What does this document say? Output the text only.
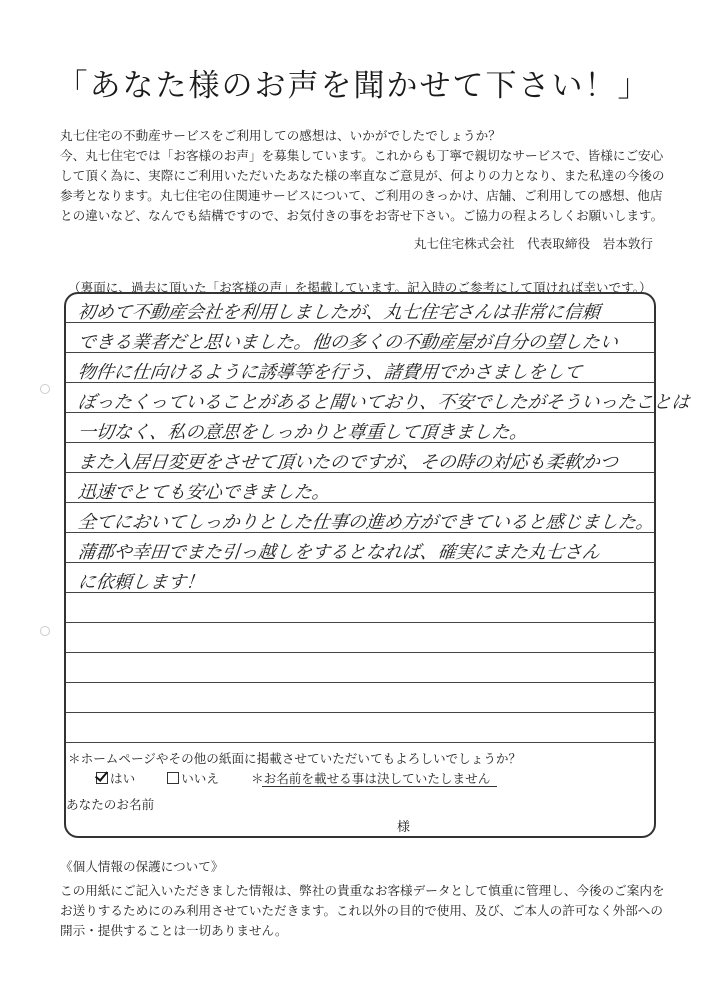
「あなた様のお声を聞かせて下さい！」

丸七住宅の不動産サービスをご利用しての感想は、いかがでしたでしょうか？

今、丸七住宅では「お客様のお声」を募集しています。これからも丁寧で親切なサービスで、皆様にご安心

して頂く為に、実際にご利用いただいたあなた様の率直なご意見が、何よりの力となり、また私達の今後の

参考となります。丸七住宅の住関連サービスについて、ご利用のきっかけ、店舗、ご利用しての感想、他店

との違いなど、なんでも結構ですので、お気付きの事をお寄せ下さい。ご協力の程よろしくお願いします。

丸七住宅株式会社　代表取締役　岩本敦行
（裏面に、過去に頂いた「お客様の声」を掲載しています。記入時のご参考にして頂ければ幸いです。）
初めて不動産会社を利用しましたが、丸七住宅さんは非常に信頼
できる業者だと思いました。他の多くの不動産屋が自分の望したい
物件に仕向けるように誘導等を行う、諸費用でかさましをして
ぼったくっていることがあると聞いており、不安でしたがそういったことは
一切なく、私の意思をしっかりと尊重して頂きました。
また入居日変更をさせて頂いたのですが、その時の対応も柔軟かつ
迅速でとても安心できました。
全てにおいてしっかりとした仕事の進め方ができていると感じました。
蒲郡や幸田でまた引っ越しをするとなれば、確実にまた丸七さん
に依頼します！
＊ホームページやその他の紙面に掲載させていただいてもよろしいでしょうか？
はい	いいえ	＊お名前を載せる事は決していたしません
あなたのお名前
様
《個人情報の保護について》

この用紙にご記入いただきました情報は、弊社の貴重なお客様データとして慎重に管理し、今後のご案内を

お送りするためにのみ利用させていただきます。これ以外の目的で使用、及び、ご本人の許可なく外部への

開示・提供することは一切ありません。
